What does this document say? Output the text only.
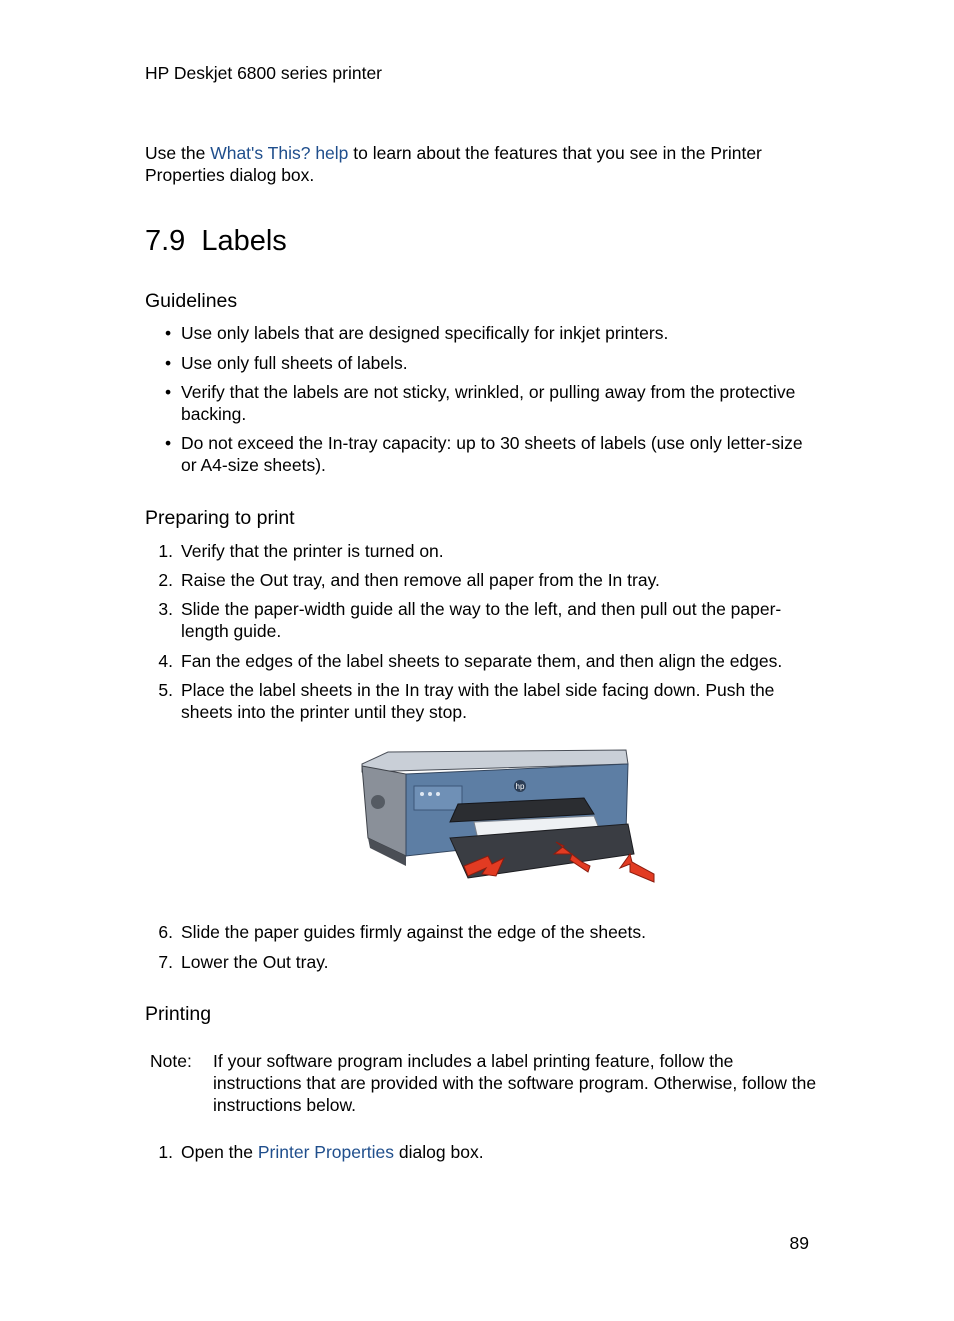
HP Deskjet 6800 series printer
Use the What's This? help to learn about the features that you see in the Printer Properties dialog box.
7.9 Labels
Guidelines
• Use only labels that are designed specifically for inkjet printers.
• Use only full sheets of labels.
• Verify that the labels are not sticky, wrinkled, or pulling away from the protective backing.
• Do not exceed the In-tray capacity: up to 30 sheets of labels (use only letter-size or A4-size sheets).
Preparing to print
1. Verify that the printer is turned on.
2. Raise the Out tray, and then remove all paper from the In tray.
3. Slide the paper-width guide all the way to the left, and then pull out the paper-length guide.
4. Fan the edges of the label sheets to separate them, and then align the edges.
5. Place the label sheets in the In tray with the label side facing down. Push the sheets into the printer until they stop.
hp
6. Slide the paper guides firmly against the edge of the sheets.
7. Lower the Out tray.
Printing
Note: If your software program includes a label printing feature, follow the instructions that are provided with the software program. Otherwise, follow the instructions below.
1. Open the Printer Properties dialog box.
89
